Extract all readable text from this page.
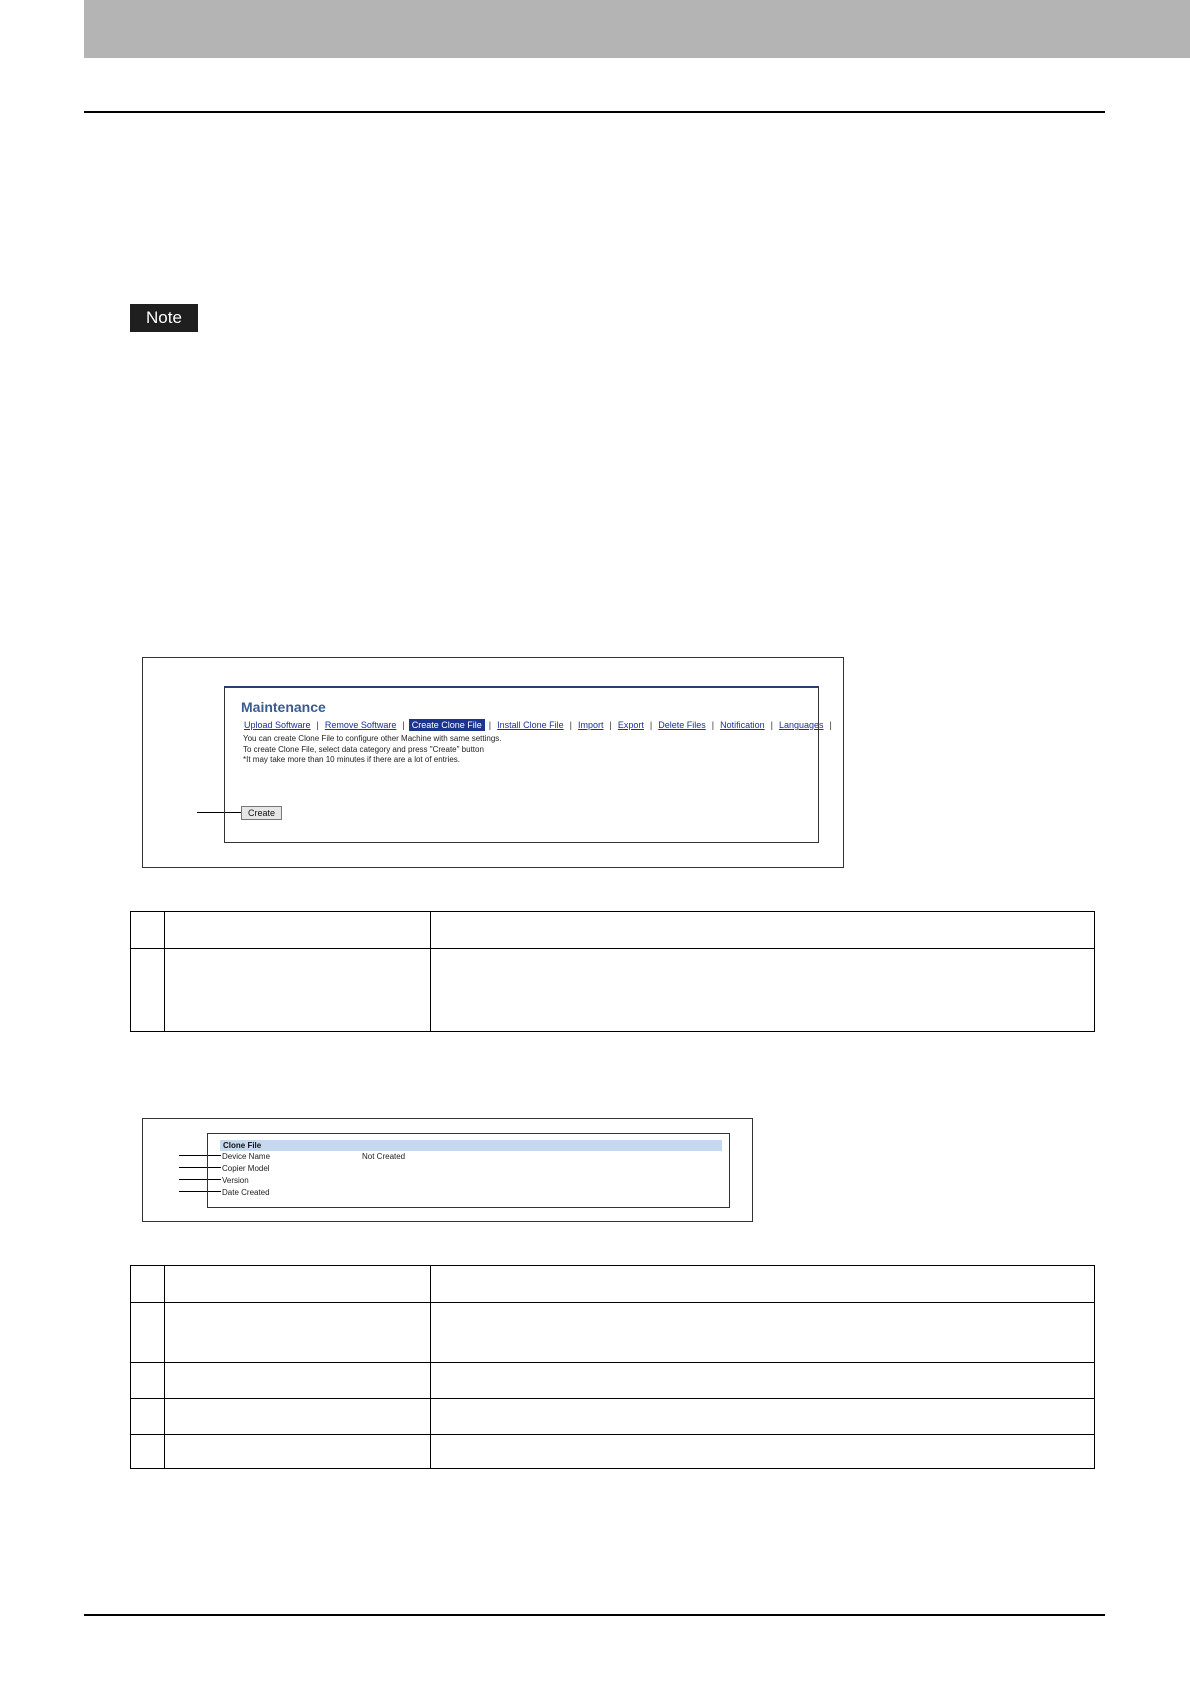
Note
Maintenance
Upload Software | Remove Software | Create Clone File | Install Clone File | Import | Export | Delete Files | Notification | Languages |
You can create Clone File to configure other Machine with same settings.
To create Clone File, select data category and press "Create" button
*It may take more than 10 minutes if there are a lot of entries.
Create
Clone File
Device Name	Not Created
Copier Model
Version
Date Created
